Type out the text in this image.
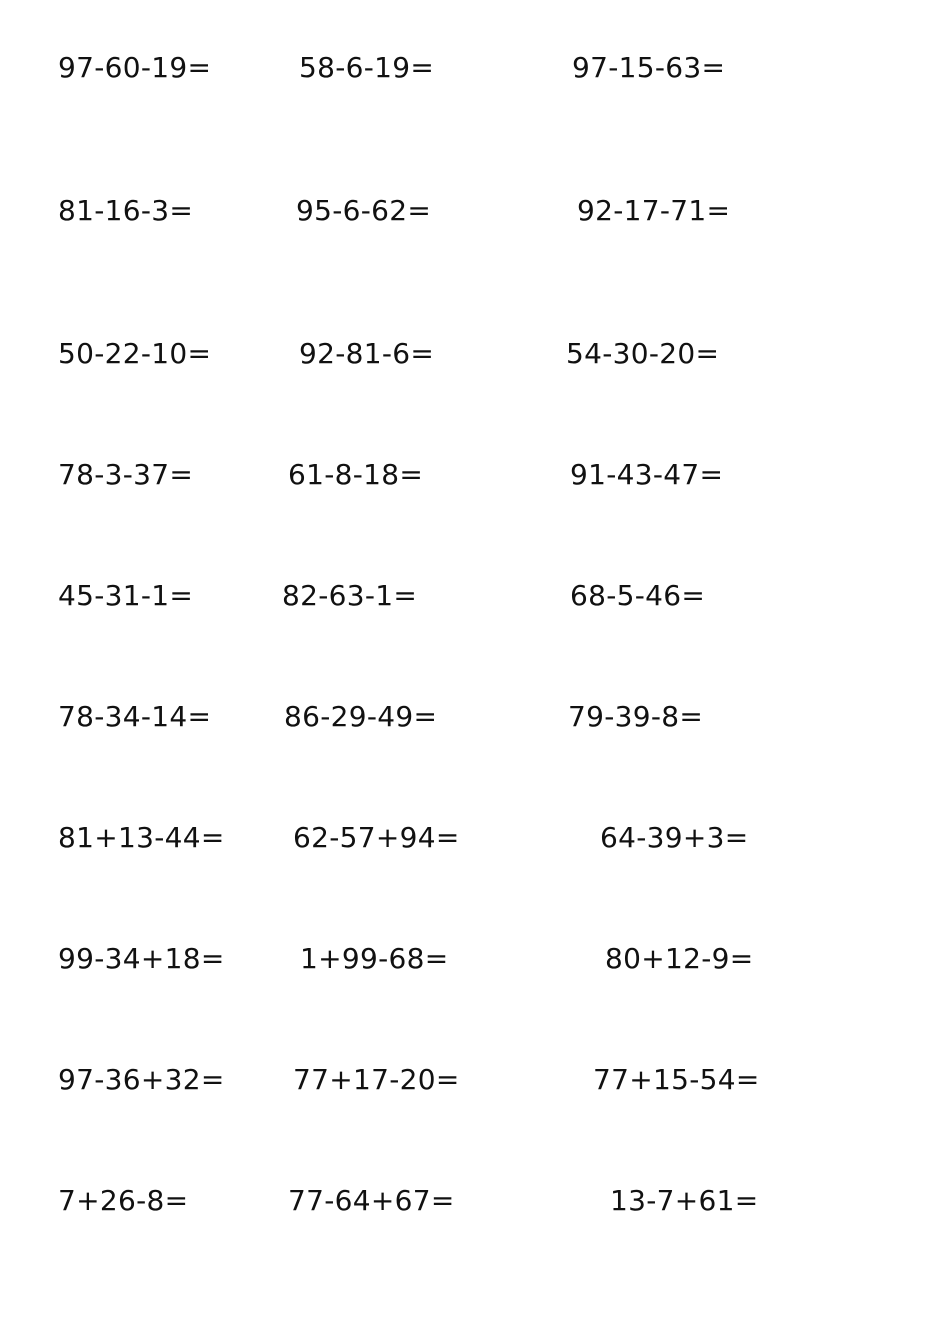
97-60-19=	58-6-19=	97-15-63=
81-16-3=	95-6-62=	92-17-71=
50-22-10=	92-81-6=	54-30-20=
78-3-37=	61-8-18=	91-43-47=
45-31-1=	82-63-1=	68-5-46=
78-34-14=	86-29-49=	79-39-8=
81+13-44= 62-57+94=	64-39+3=
99-34+18=	1+99-68=	80+12-9=
97-36+32= 77+17-20=	77+15-54=
7+26-8=	77-64+67=	13-7+61=
